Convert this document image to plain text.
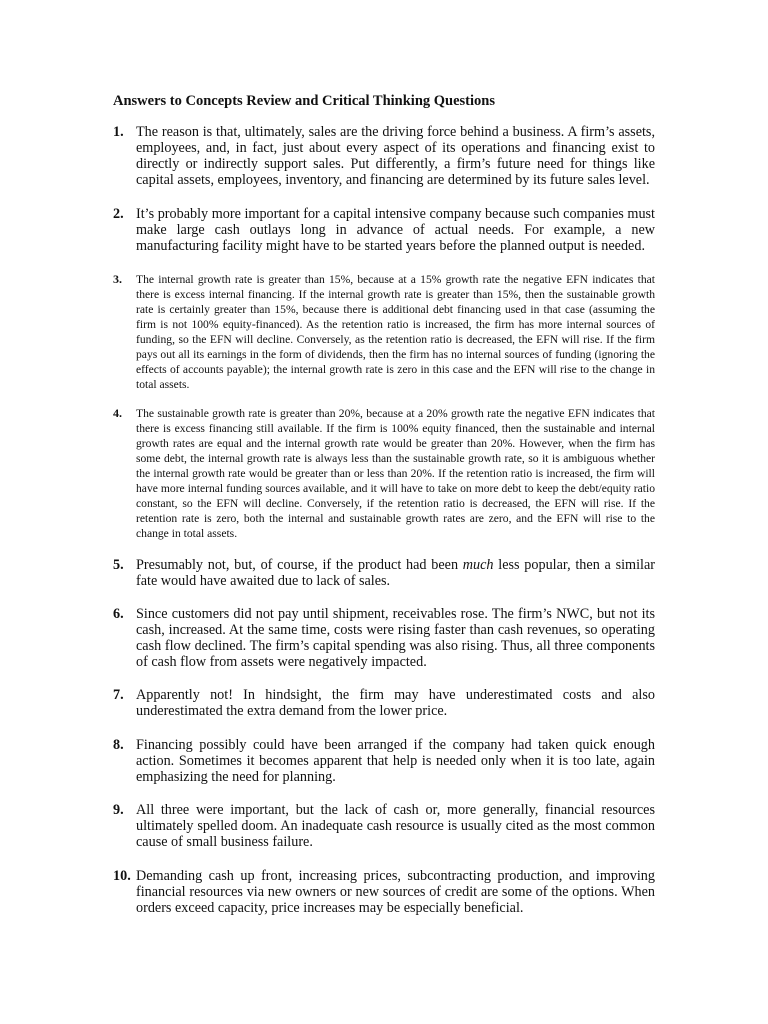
Answers to Concepts Review and Critical Thinking Questions
1. The reason is that, ultimately, sales are the driving force behind a business. A firm’s assets, employees, and, in fact, just about every aspect of its operations and financing exist to directly or indirectly support sales. Put differently, a firm’s future need for things like capital assets, employees, inventory, and financing are determined by its future sales level.
2. It’s probably more important for a capital intensive company because such companies must make large cash outlays long in advance of actual needs. For example, a new manufacturing facility might have to be started years before the planned output is needed.
3. The internal growth rate is greater than 15%, because at a 15% growth rate the negative EFN indicates that there is excess internal financing. If the internal growth rate is greater than 15%, then the sustainable growth rate is certainly greater than 15%, because there is additional debt financing used in that case (assuming the firm is not 100% equity-financed). As the retention ratio is increased, the firm has more internal sources of funding, so the EFN will decline. Conversely, as the retention ratio is decreased, the EFN will rise. If the firm pays out all its earnings in the form of dividends, then the firm has no internal sources of funding (ignoring the effects of accounts payable); the internal growth rate is zero in this case and the EFN will rise to the change in total assets.
4. The sustainable growth rate is greater than 20%, because at a 20% growth rate the negative EFN indicates that there is excess financing still available. If the firm is 100% equity financed, then the sustainable and internal growth rates are equal and the internal growth rate would be greater than 20%. However, when the firm has some debt, the internal growth rate is always less than the sustainable growth rate, so it is ambiguous whether the internal growth rate would be greater than or less than 20%. If the retention ratio is increased, the firm will have more internal funding sources available, and it will have to take on more debt to keep the debt/equity ratio constant, so the EFN will decline. Conversely, if the retention ratio is decreased, the EFN will rise. If the retention rate is zero, both the internal and sustainable growth rates are zero, and the EFN will rise to the change in total assets.
5. Presumably not, but, of course, if the product had been much less popular, then a similar fate would have awaited due to lack of sales.
6. Since customers did not pay until shipment, receivables rose. The firm’s NWC, but not its cash, increased. At the same time, costs were rising faster than cash revenues, so operating cash flow declined. The firm’s capital spending was also rising. Thus, all three components of cash flow from assets were negatively impacted.
7. Apparently not! In hindsight, the firm may have underestimated costs and also underestimated the extra demand from the lower price.
8. Financing possibly could have been arranged if the company had taken quick enough action. Sometimes it becomes apparent that help is needed only when it is too late, again emphasizing the need for planning.
9. All three were important, but the lack of cash or, more generally, financial resources ultimately spelled doom. An inadequate cash resource is usually cited as the most common cause of small business failure.
10. Demanding cash up front, increasing prices, subcontracting production, and improving financial resources via new owners or new sources of credit are some of the options. When orders exceed capacity, price increases may be especially beneficial.
